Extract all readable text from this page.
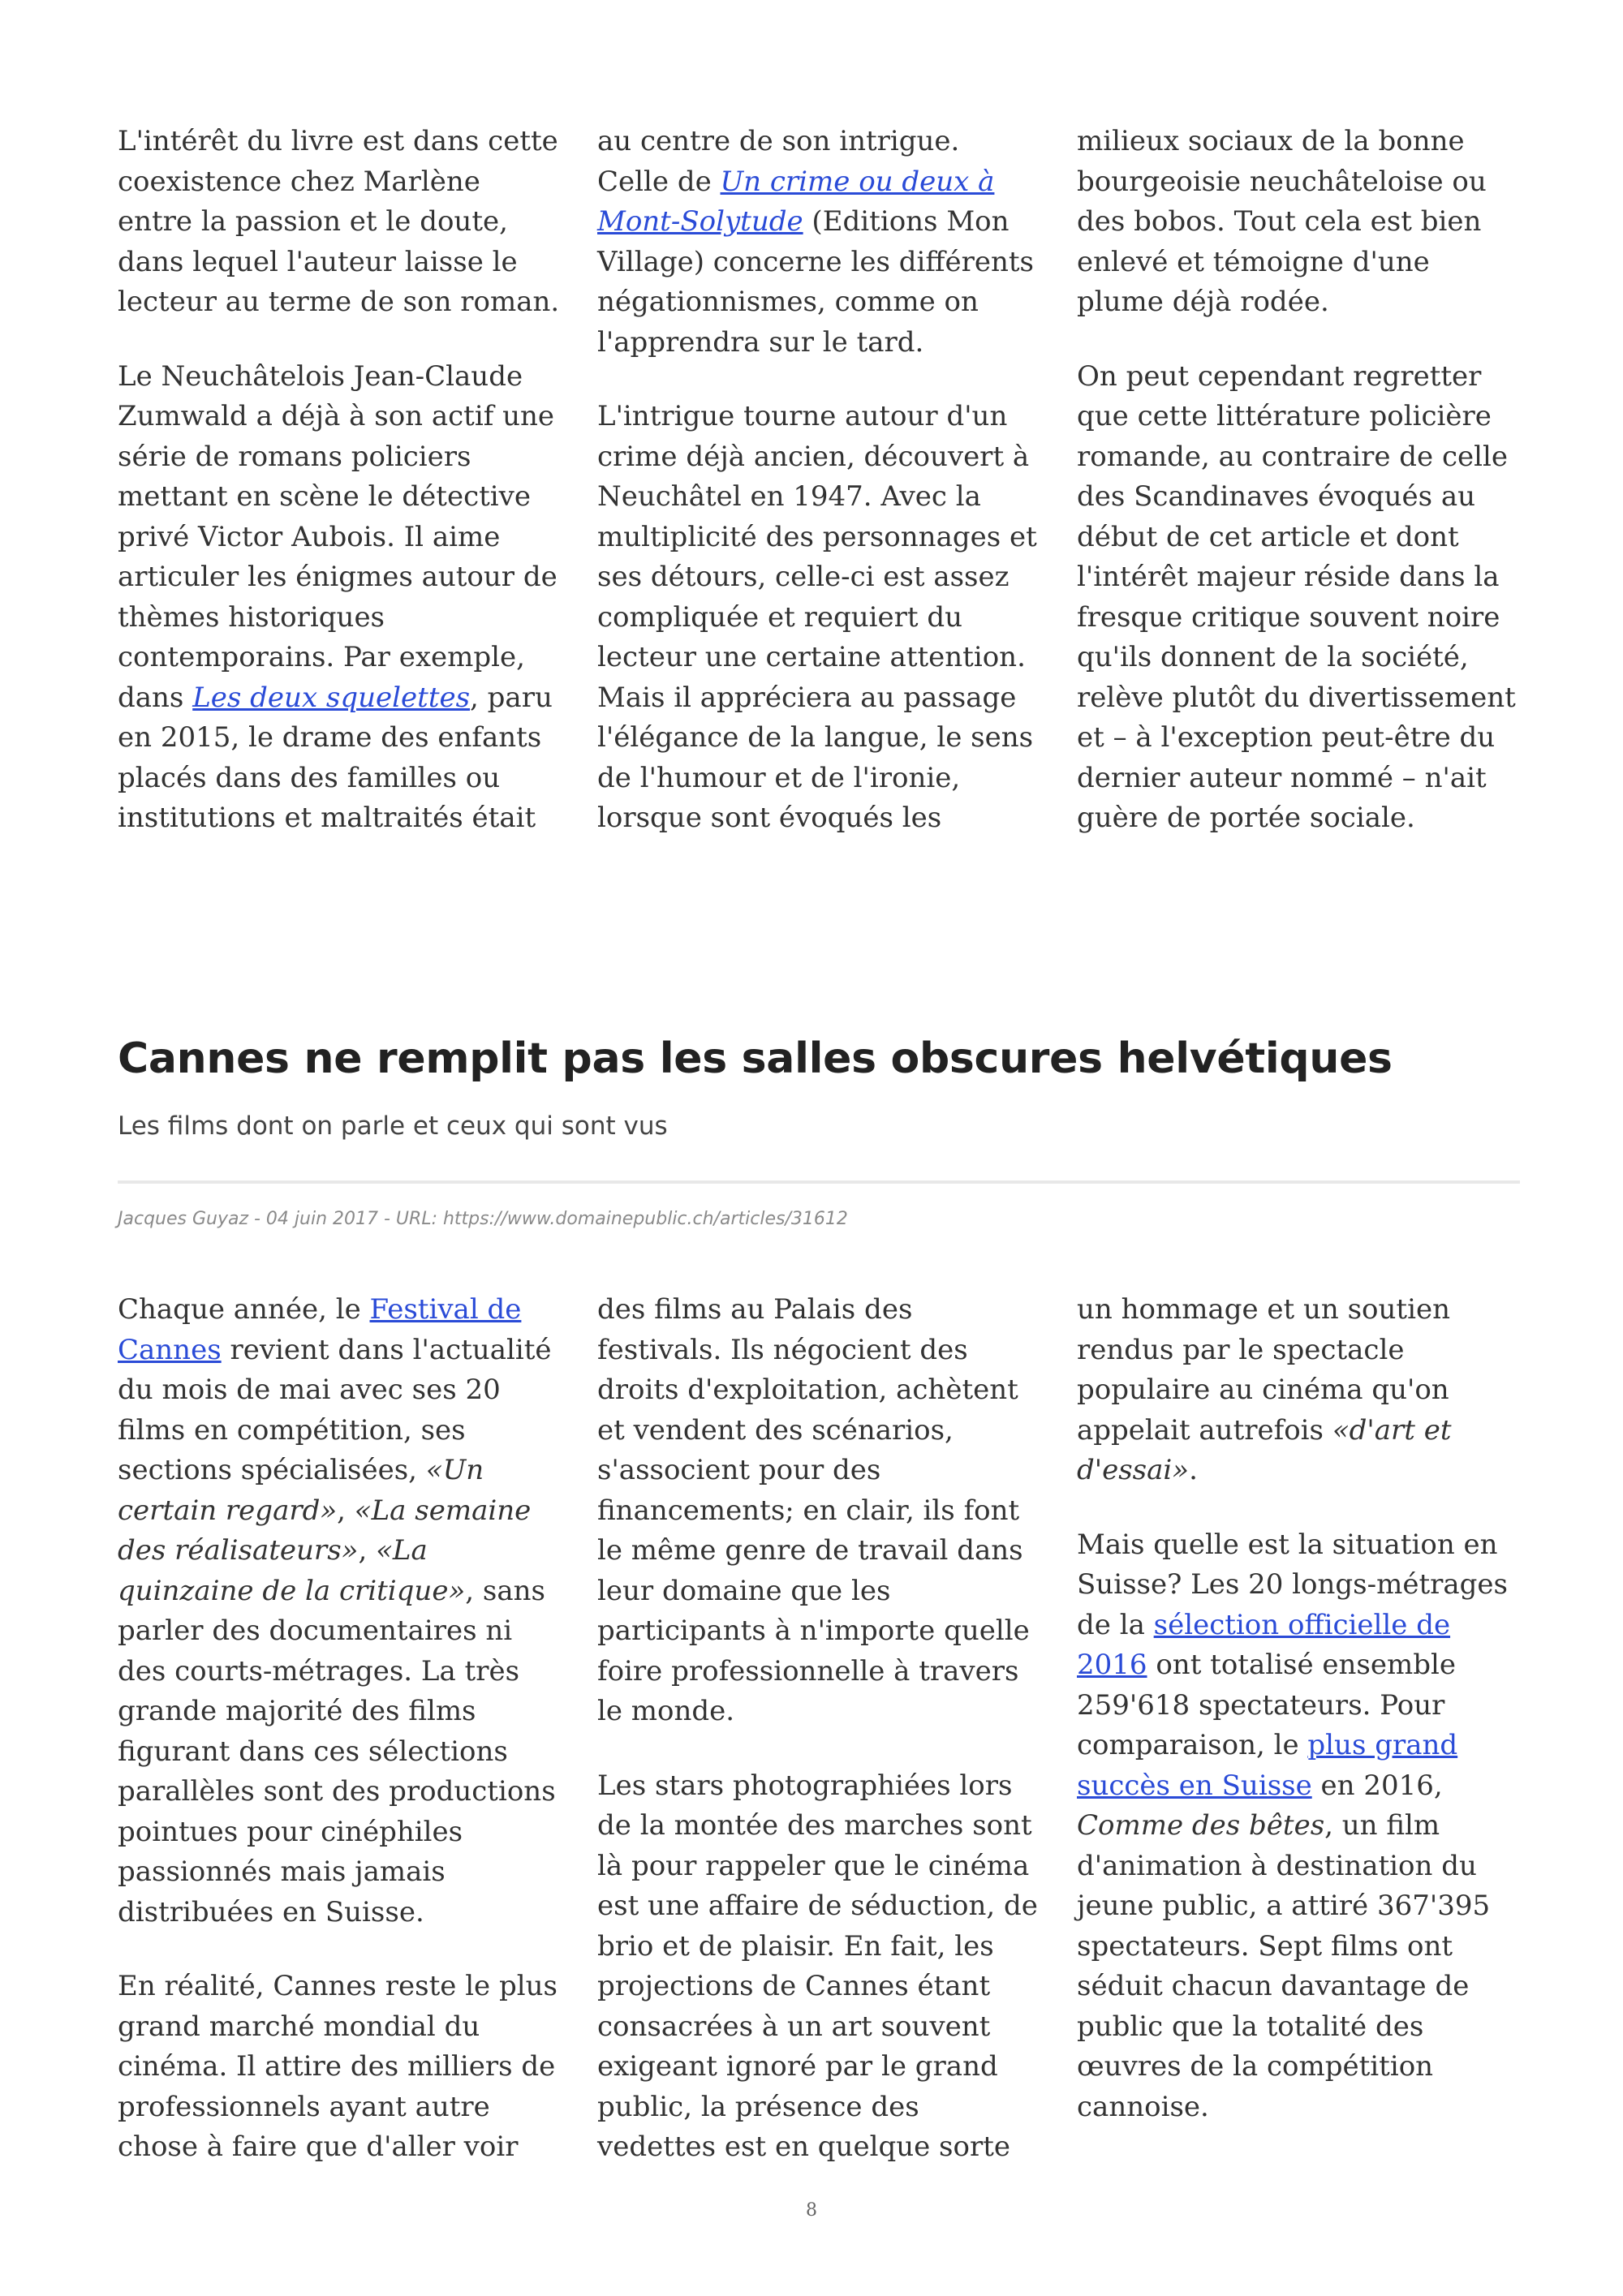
L'intérêt du livre est dans cette coexistence chez Marlène entre la passion et le doute, dans lequel l'auteur laisse le lecteur au terme de son roman.

Le Neuchâtelois Jean-Claude Zumwald a déjà à son actif une série de romans policiers mettant en scène le détective privé Victor Aubois. Il aime articuler les énigmes autour de thèmes historiques contemporains. Par exemple, dans Les deux squelettes, paru en 2015, le drame des enfants placés dans des familles ou institutions et maltraités était

au centre de son intrigue. Celle de Un crime ou deux à Mont-Solytude (Editions Mon Village) concerne les différents négationnismes, comme on l'apprendra sur le tard.

L'intrigue tourne autour d'un crime déjà ancien, découvert à Neuchâtel en 1947. Avec la multiplicité des personnages et ses détours, celle-ci est assez compliquée et requiert du lecteur une certaine attention. Mais il appréciera au passage l'élégance de la langue, le sens de l'humour et de l'ironie, lorsque sont évoqués les

milieux sociaux de la bonne bourgeoisie neuchâteloise ou des bobos. Tout cela est bien enlevé et témoigne d'une plume déjà rodée.

On peut cependant regretter que cette littérature policière romande, au contraire de celle des Scandinaves évoqués au début de cet article et dont l'intérêt majeur réside dans la fresque critique souvent noire qu'ils donnent de la société, relève plutôt du divertissement et – à l'exception peut-être du dernier auteur nommé – n'ait guère de portée sociale.

Cannes ne remplit pas les salles obscures helvétiques

Les films dont on parle et ceux qui sont vus

Jacques Guyaz - 04 juin 2017 - URL: https://www.domainepublic.ch/articles/31612

Chaque année, le Festival de Cannes revient dans l'actualité du mois de mai avec ses 20 films en compétition, ses sections spécialisées, «Un certain regard», «La semaine des réalisateurs», «La quinzaine de la critique», sans parler des documentaires ni des courts-métrages. La très grande majorité des films figurant dans ces sélections parallèles sont des productions pointues pour cinéphiles passionnés mais jamais distribuées en Suisse.

En réalité, Cannes reste le plus grand marché mondial du cinéma. Il attire des milliers de professionnels ayant autre chose à faire que d'aller voir

des films au Palais des festivals. Ils négocient des droits d'exploitation, achètent et vendent des scénarios, s'associent pour des financements; en clair, ils font le même genre de travail dans leur domaine que les participants à n'importe quelle foire professionnelle à travers le monde.

Les stars photographiées lors de la montée des marches sont là pour rappeler que le cinéma est une affaire de séduction, de brio et de plaisir. En fait, les projections de Cannes étant consacrées à un art souvent exigeant ignoré par le grand public, la présence des vedettes est en quelque sorte

un hommage et un soutien rendus par le spectacle populaire au cinéma qu'on appelait autrefois «d'art et d'essai».

Mais quelle est la situation en Suisse? Les 20 longs-métrages de la sélection officielle de 2016 ont totalisé ensemble 259'618 spectateurs. Pour comparaison, le plus grand succès en Suisse en 2016, Comme des bêtes, un film d'animation à destination du jeune public, a attiré 367'395 spectateurs. Sept films ont séduit chacun davantage de public que la totalité des œuvres de la compétition cannoise.

8
